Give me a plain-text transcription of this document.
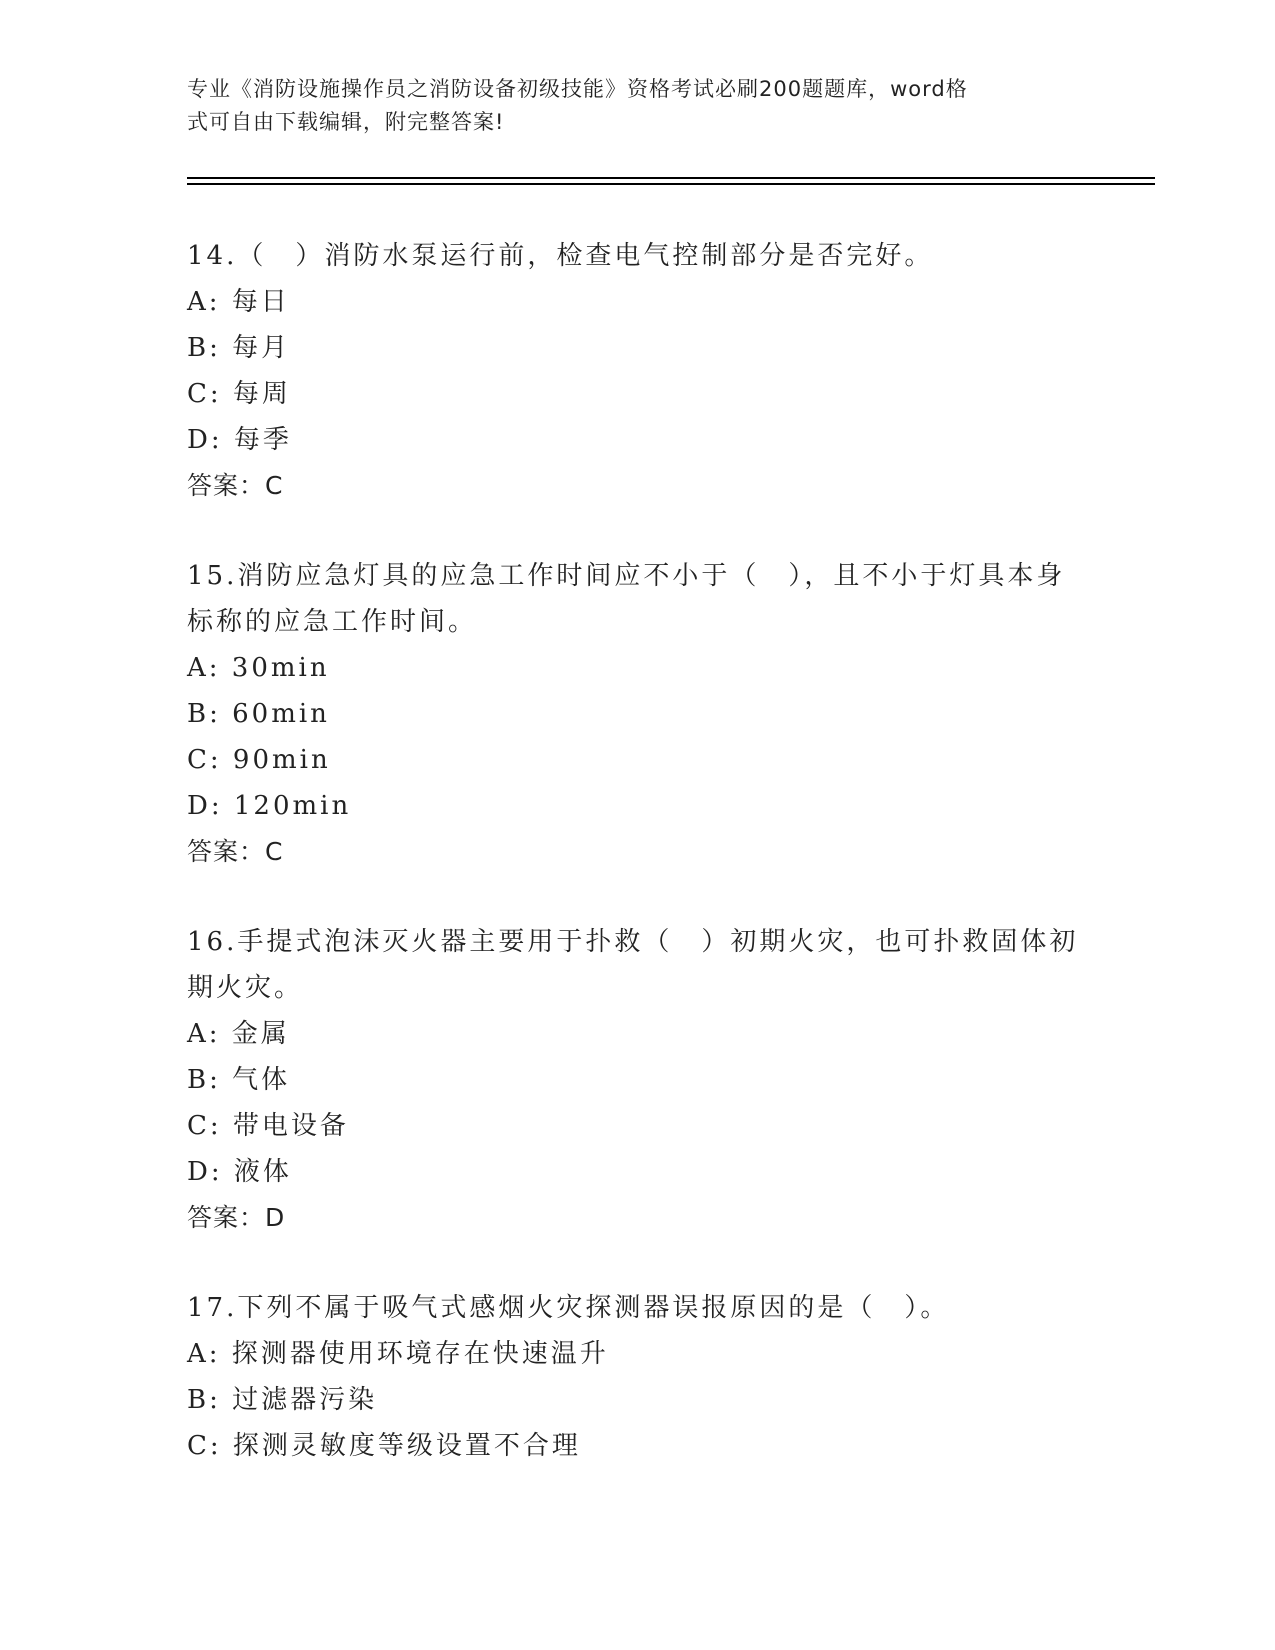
专业《消防设施操作员之消防设备初级技能》资格考试必刷200题题库，word格
式可自由下载编辑，附完整答案!
14.（　）消防水泵运行前，检查电气控制部分是否完好。
A: 每日
B: 每月
C: 每周
D: 每季
答案：C
15.消防应急灯具的应急工作时间应不小于（　），且不小于灯具本身标称的应急工作时间。
A: 30min
B: 60min
C: 90min
D: 120min
答案：C
16.手提式泡沫灭火器主要用于扑救（　）初期火灾，也可扑救固体初期火灾。
A: 金属
B: 气体
C: 带电设备
D: 液体
答案：D
17.下列不属于吸气式感烟火灾探测器误报原因的是（　）。
A: 探测器使用环境存在快速温升
B: 过滤器污染
C: 探测灵敏度等级设置不合理
